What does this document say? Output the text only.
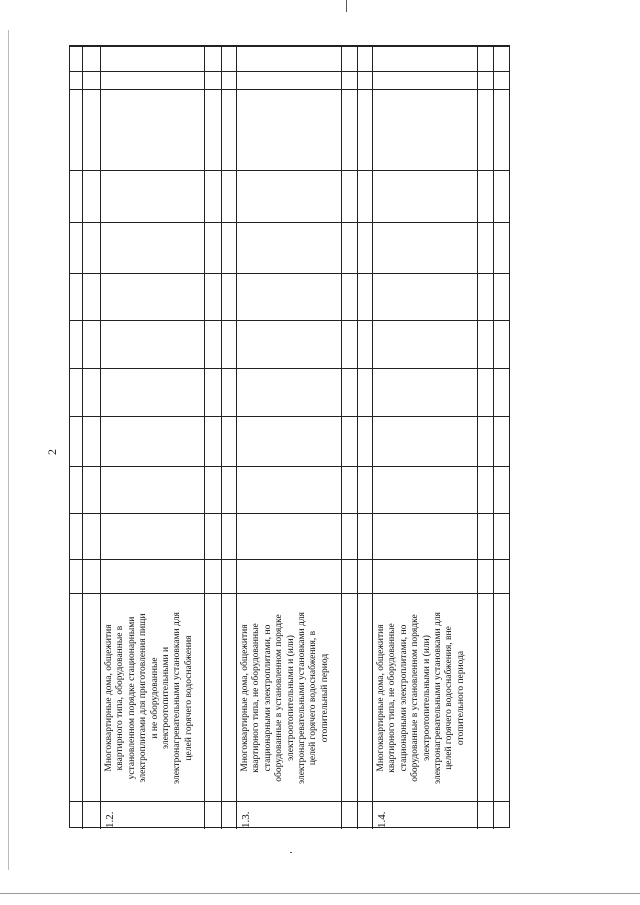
2
1.2.
Многоквартирные дома, общежития квартирного типа, оборудованные в установленном порядке стационарными электроплитами для приготовления пищи и не оборудованные электроотопительными и электронагревательными установками для целей горячего водоснабжения
1.3.
Многоквартирные дома, общежития квартирного типа, не оборудованные стационарными электроплитами, но оборудованные в установленном порядке электроотопительными и (или) электронагревательными установками для целей горячего водоснабжения, в отопительный период
1.4.
Многоквартирные дома, общежития квартирного типа, не оборудованные стационарными электроплитами, но оборудованные в установленном порядке электроотопительными и (или) электронагревательными установками для целей горячего водоснабжения, вне отопительного периода
